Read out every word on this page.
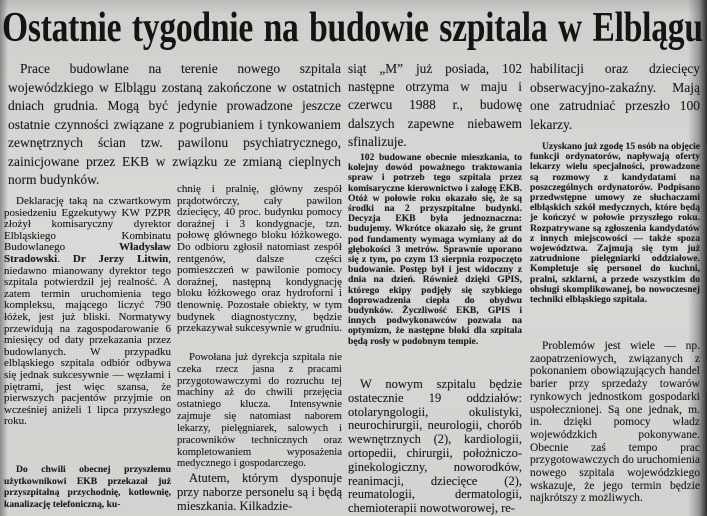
Ostatnie tygodnie na budowie szpitala w Elblągu

Prace budowlane na terenie nowego szpitala wojewódzkiego w Elblągu zostaną zakończone w ostatnich dniach grudnia. Mogą być jedynie prowadzone jeszcze ostatnie czynności związane z pogrubianiem i tynkowaniem zewnętrznych ścian tzw. pawilonu psychiatrycznego, zainicjowane przez EKB w związku ze zmianą cieplnych norm budynków.

Deklarację taką na czwartkowym posiedzeniu Egzekutywy KW PZPR złożył komisaryczny dyrektor Elbląskiego Kombinatu Budowlanego Władysław Stradowski. Dr Jerzy Litwin, niedawno mianowany dyrektor tego szpitala potwierdził jej realność. A zatem termin uruchomienia tego kompleksu, mającego liczyć 790 łóżek, jest już bliski. Normatywy przewidują na zagospodarowanie 6 miesięcy od daty przekazania przez budowlanych. W przypadku elbląskiego szpitala odbiór odbywa się jednak sukcesywnie — węzłami i piętrami, jest więc szansa, że pierwszych pacjentów przyjmie on wcześniej aniżeli 1 lipca przyszłego roku.

Do chwili obecnej przyszłemu użytkownikowi EKB przekazał już przyszpitalną przychodnię, kotłownię, kanalizację telefoniczną, ku-

chnię i pralnię, główny zespół prądotwórczy, cały pawilon dziecięcy, 40 proc. budynku pomocy doraźnej i 3 kondygnacje, tzn. połowę głównego bloku łóżkowego. Do odbioru zgłosił natomiast zespół rentgenów, dalsze części pomieszczeń w pawilonie pomocy doraźnej, następną kondygnację bloku łóżkowego oraz hydroforni i tlenownię. Pozostałe obiekty, w tym budynek diagnostyczny, będzie przekazywał sukcesywnie w grudniu.

Powołana już dyrekcja szpitala nie czeka rzecz jasna z pracami przygotowawczymi do rozruchu tej machiny aż do chwili przejęcia ostatniego klucza. Intensywnie zajmuje się natomiast naborem lekarzy, pielęgniarek, salowych i pracowników technicznych oraz kompletowaniem wyposażenia medycznego i gospodarczego.

Atutem, którym dysponuje przy naborze personelu są i będą mieszkania. Kilkadzie-

siąt „M” już posiada, 102 następne otrzyma w maju i czerwcu 1988 r., budowę dalszych zapewne niebawem sfinalizuje.

102 budowane obecnie mieszkania, to kolejny dowód poważnego traktowania spraw i potrzeb tego szpitala przez komisaryczne kierownictwo i załogę EKB. Otóż w połowie roku okazało się, że są środki na 2 przyszpitalne budynki. Decyzja EKB była jednoznaczna: budujemy. Wkrótce okazało się, że grunt pod fundamenty wymaga wymiany aż do głębokości 3 metrów. Sprawnie uporano się z tym, po czym 13 sierpnia rozpoczęto budowanie. Postęp był i jest widoczny z dnia na dzień. Również dzięki GPIS, którego ekipy podjęły się szybkiego doprowadzenia ciepła do obydwu budynków. Życzliwość EKB, GPIS i innych podwykonawców pozwala na optymizm, że następne bloki dla szpitala będą rosły w podobnym tempie.

W nowym szpitalu będzie ostatecznie 19 oddziałów: otolaryngologii, okulistyki, neurochirurgii, neurologii, chorób wewnętrznych (2), kardiologii, ortopedii, chirurgii, położniczo-ginekologiczny, noworodków, reanimacji, dziecięce (2), reumatologii, dermatologii, chemioterapii nowotworowej, re-

habilitacji oraz dziecięcy obserwacyjno-zakaźny. Mają one zatrudniać przeszło 100 lekarzy.

Uzyskano już zgodę 15 osób na objęcie funkcji ordynatorów, napływają oferty lekarzy wielu specjalności, prowadzone są rozmowy z kandydatami na poszczególnych ordynatorów. Podpisano przedwstępne umowy ze słuchaczami elbląskich szkół medycznych, które będą je kończyć w połowie przyszłego roku. Rozpatrywane są zgłoszenia kandydatów z innych miejscowości — także spoza województwa. Zajmują się tym już zatrudnione pielęgniarki oddziałowe. Kompletuje się personel do kuchni, pralni, szklarni, a przede wszystkim do obsługi skomplikowanej, bo nowoczesnej techniki elbląskiego szpitala.

Problemów jest wiele — np. zaopatrzeniowych, związanych z pokonaniem obowiązujących handel barier przy sprzedaży towarów rynkowych jednostkom gospodarki uspołecznionej. Są one jednak, m. in. dzięki pomocy władz wojewódzkich pokonywane. Obecnie zaś tempo prac przygotowawczych do uruchomienia nowego szpitala wojewódzkiego wskazuje, że jego termin będzie najkrótszy z możliwych.
